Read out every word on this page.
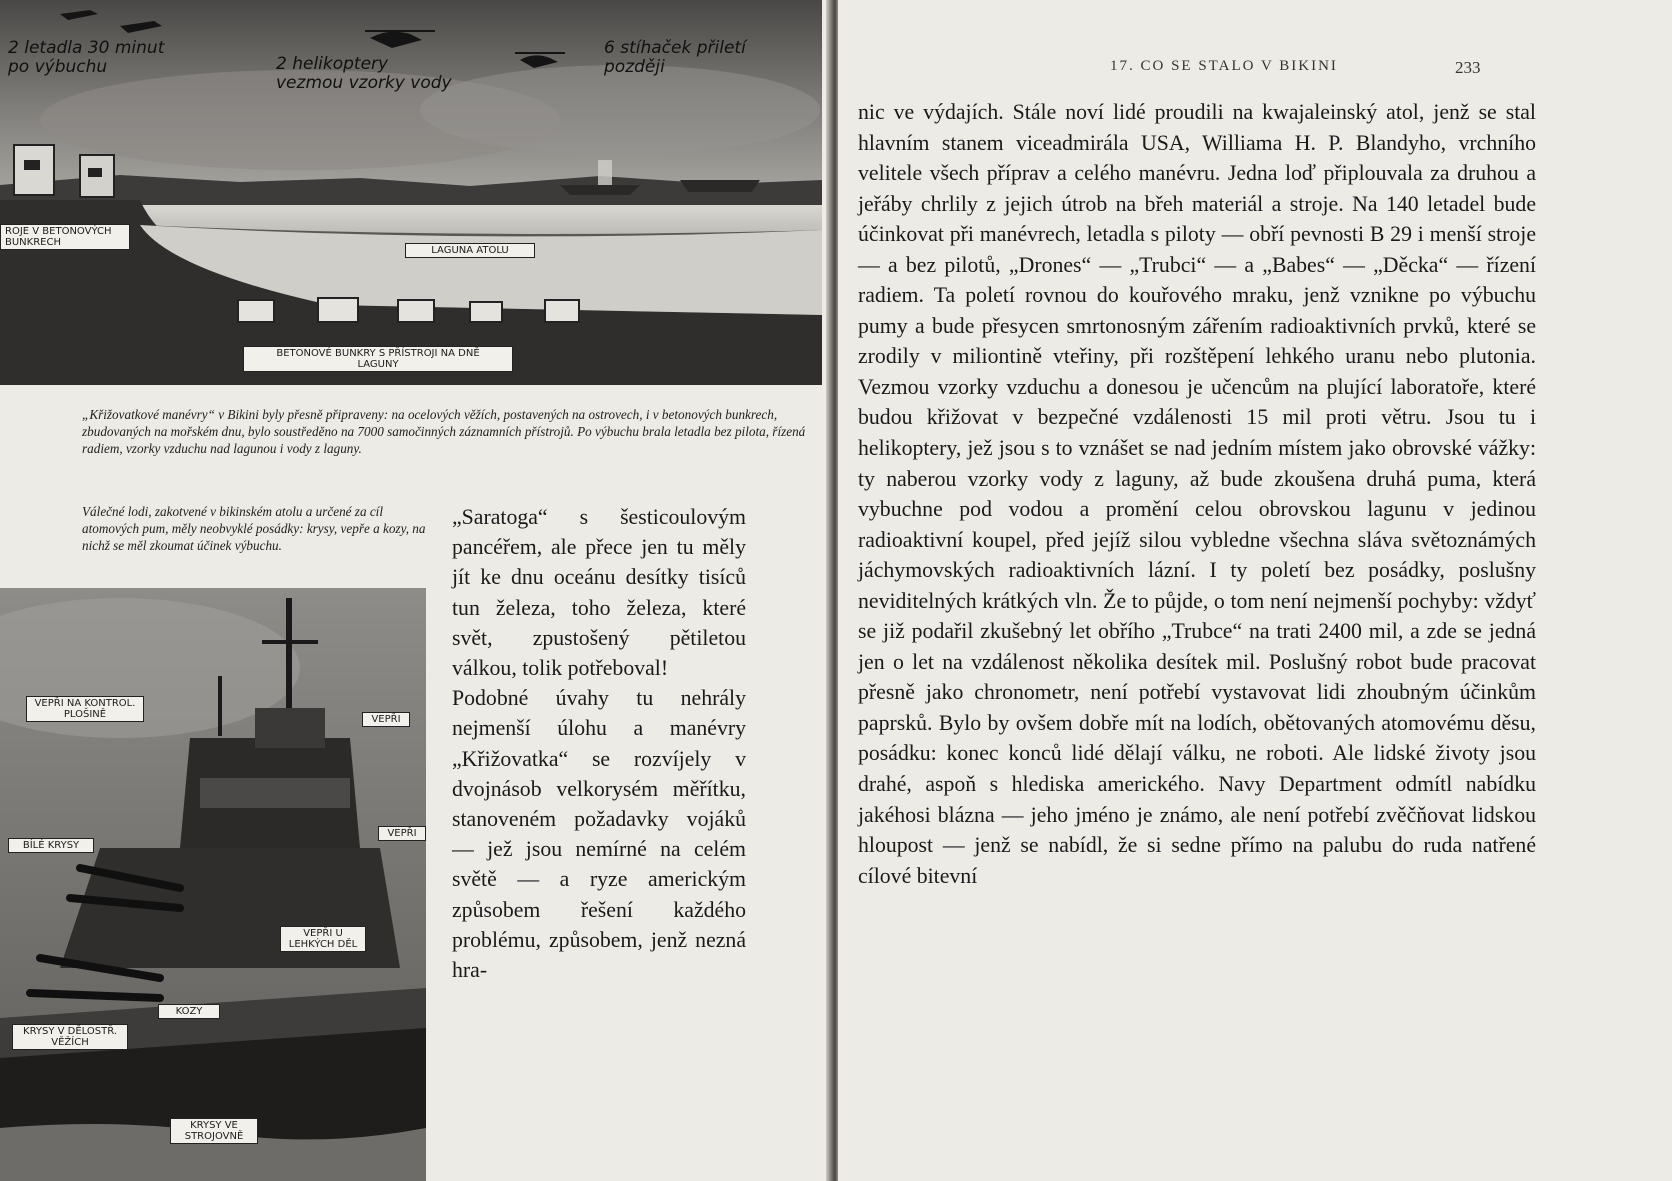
2 letadla 30 minut
po výbuchu	2 helikoptery
vezmou vzorky vody
6 stíhaček přiletí
později
ROJE V BETONOVÝCH
BUNKRECH
LAGUNA ATOLU
BETONOVÉ BUNKRY S PŘÍSTROJI NA DNĚ
LAGUNY

„Křižovatkové manévry“ v Bikini byly přesně připraveny: na ocelových věžích, postavených na ostrovech, i v betonových bunkrech, zbudovaných na mořském dnu, bylo soustředěno na 7000 samočinných záznamních přístrojů. Po výbuchu brala letadla bez pilota, řízená radiem, vzorky vzduchu nad lagunou i vody z laguny.

Válečné lodi, zakotvené v bikinském atolu a určené za cíl atomových pum, měly neobvyklé posádky: krysy, vepře a kozy, na nichž se měl zkoumat účinek výbuchu.

VEPŘI NA KONTROL.
PLOŠINĚ	VEPŘI
VEPŘI
BÍLÉ KRYSY
VEPŘI U
LEHKÝCH DĚL
KOZY
KRYSY V DĚLOSTŘ.
VĚŽÍCH
KRYSY VE
STROJOVNĚ

„Saratoga“ s šesticoulovým pancéřem, ale přece jen tu měly jít ke dnu oceánu desítky tisíců tun železa, toho železa, které svět, zpustošený pětiletou válkou, tolik potřeboval!

Podobné úvahy tu nehrály nejmenší úlohu a manévry „Křižovatka“ se rozvíjely v dvojnásob velkorysém měřítku, stanoveném požadavky vojáků — jež jsou nemírné na celém světě — a ryze americkým způsobem řešení každého problému, způsobem, jenž nezná hra-

17. CO SE STALO V BIKINI	233

nic ve výdajích. Stále noví lidé proudili na kwajaleinský atol, jenž se stal hlavním stanem viceadmirála USA, Williama H. P. Blandyho, vrchního velitele všech příprav a celého manévru. Jedna loď připlouvala za druhou a jeřáby chrlily z jejich útrob na břeh materiál a stroje. Na 140 letadel bude účinkovat při manévrech, letadla s piloty — obří pevnosti B 29 i menší stroje — a bez pilotů, „Drones“ — „Trubci“ — a „Babes“ — „Děcka“ — řízení radiem. Ta poletí rovnou do kouřového mraku, jenž vznikne po výbuchu pumy a bude přesycen smrtonosným zářením radioaktivních prvků, které se zrodily v miliontině vteřiny, při rozštěpení lehkého uranu nebo plutonia. Vezmou vzorky vzduchu a donesou je učencům na plující laboratoře, které budou křižovat v bezpečné vzdálenosti 15 mil proti větru. Jsou tu i helikoptery, jež jsou s to vznášet se nad jedním místem jako obrovské vážky: ty naberou vzorky vody z laguny, až bude zkoušena druhá puma, která vybuchne pod vodou a promění celou obrovskou lagunu v jedinou radioaktivní koupel, před jejíž silou vybledne všechna sláva světoznámých jáchymovských radioaktivních lázní. I ty poletí bez posádky, poslušny neviditelných krátkých vln. Že to půjde, o tom není nejmenší pochyby: vždyť se již podařil zkušebný let obřího „Trubce“ na trati 2400 mil, a zde se jedná jen o let na vzdálenost několika desítek mil. Poslušný robot bude pracovat přesně jako chronometr, není potřebí vystavovat lidi zhoubným účinkům paprsků. Bylo by ovšem dobře mít na lodích, obětovaných atomovému děsu, posádku: konec konců lidé dělají válku, ne roboti. Ale lidské životy jsou drahé, aspoň s hlediska amerického. Navy Department odmítl nabídku jakéhosi blázna — jeho jméno je známo, ale není potřebí zvěčňovat lidskou hloupost — jenž se nabídl, že si sedne přímo na palubu do ruda natřené cílové bitevní
